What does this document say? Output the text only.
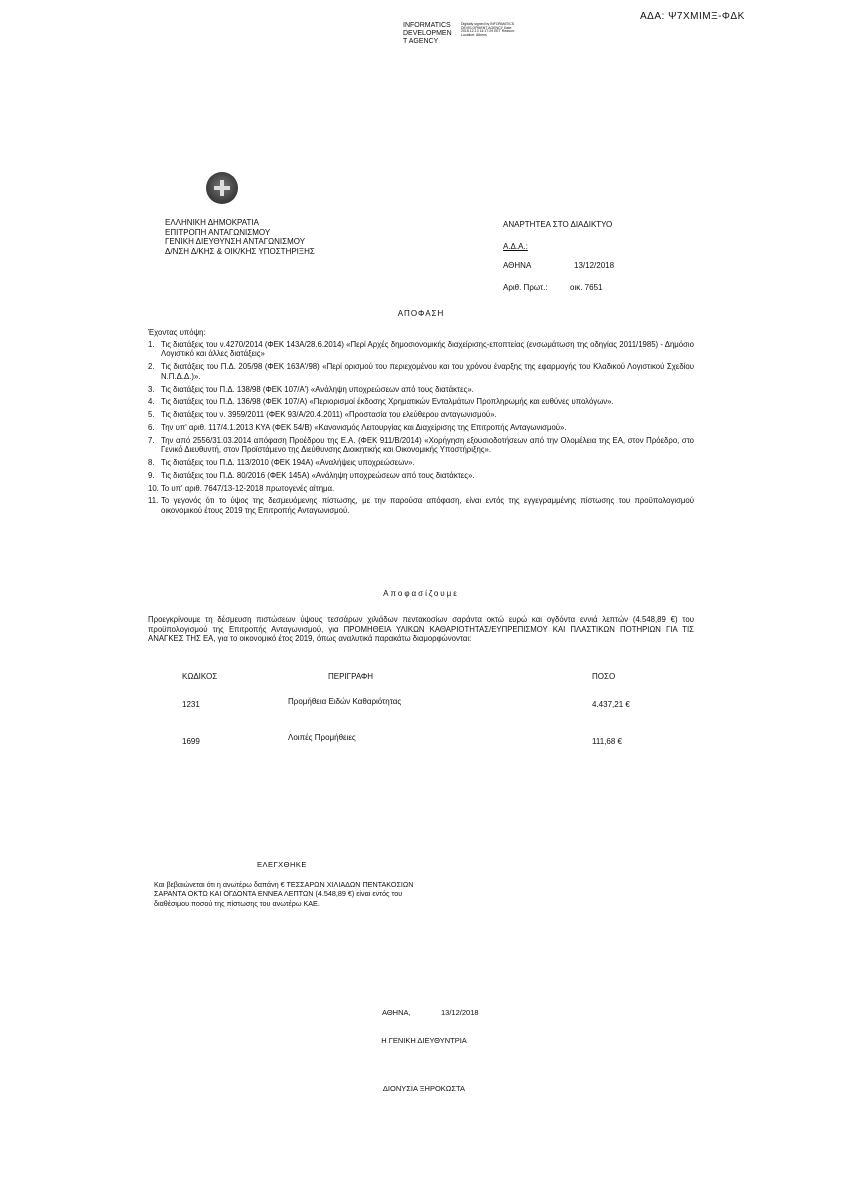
ΑΔΑ: Ψ7ΧΜΙΜΞ-ΦΔΚ
INFORMATICS
DEVELOPMEN
T AGENCY
Digitally signed by INFORMATICS DEVELOPMENT AGENCY Date: 2018.12.13 14:17:29 EET Reason: Location: Athens
ΕΛΛΗΝΙΚΗ ΔΗΜΟΚΡΑΤΙΑ
ΕΠΙΤΡΟΠΗ ΑΝΤΑΓΩΝΙΣΜΟΥ
ΓΕΝΙΚΗ ΔΙΕΥΘΥΝΣΗ ΑΝΤΑΓΩΝΙΣΜΟΥ
Δ/ΝΣΗ Δ/ΚΗΣ & ΟΙΚ/ΚΗΣ ΥΠΟΣΤΗΡΙΞΗΣ
ΑΝΑΡΤΗΤΕΑ ΣΤΟ ΔΙΑΔΙΚΤΥΟ
Α.Δ.Α.:
ΑΘΗΝΑ	13/12/2018
Αριθ. Πρωτ.:	οικ. 7651
ΑΠΟΦΑΣΗ
Έχοντας υπόψη:
1. Τις διατάξεις του ν.4270/2014 (ΦΕΚ 143Α/28.6.2014) «Περί Αρχές δημοσιονομικής διαχείρισης-εποπτείας (ενσωμάτωση της οδηγίας 2011/1985) - Δημόσιο Λογιστικό και άλλες διατάξεις»
2. Τις διατάξεις του Π.Δ. 205/98 (ΦΕΚ 163Α'/98) «Περί ορισμού του περιεχομένου και του χρόνου έναρξης της εφαρμογής του Κλαδικού Λογιστικού Σχεδίου Ν.Π.Δ.Δ.)».
3. Τις διατάξεις του Π.Δ. 138/98 (ΦΕΚ 107/Α') «Ανάληψη υποχρεώσεων από τους διατάκτες».
4. Τις διατάξεις του Π.Δ. 136/98 (ΦΕΚ 107/Α) «Περιορισμοί έκδοσης Χρηματικών Ενταλμάτων Προπληρωμής και ευθύνες υπολόγων».
5. Τις διατάξεις του ν. 3959/2011 (ΦΕΚ 93/Α/20.4.2011) «Προστασία του ελεύθερου ανταγωνισμού».
6. Την υπ' αριθ. 117/4.1.2013 ΚΥΑ (ΦΕΚ 54/Β) «Κανονισμός Λειτουργίας και Διαχείρισης της Επιτροπής Ανταγωνισμού».
7. Την από 2556/31.03.2014 απόφαση Προέδρου της Ε.Α. (ΦΕΚ 911/Β/2014) «Χορήγηση εξουσιοδοτήσεων από την Ολομέλεια της ΕΑ, στον Πρόεδρο, στο Γενικό Διευθυντή, στον Προϊστάμενο της Διεύθυνσης Διοικητικής και Οικονομικής Υποστήριξης».
8. Τις διατάξεις του Π.Δ. 113/2010 (ΦΕΚ 194Α) «Αναλήψεις υποχρεώσεων».
9. Τις διατάξεις του Π.Δ. 80/2016 (ΦΕΚ 145Α) «Ανάληψη υποχρεώσεων από τους διατάκτες».
10. Το υπ' αριθ. 7647/13-12-2018 πρωτογενές αίτημα.
11. Το γεγονός ότι το ύψος της δεσμευόμενης πίστωσης, με την παρούσα απόφαση, είναι εντός της εγγεγραμμένης πίστωσης του προϋπολογισμού οικονομικού έτους 2019 της Επιτροπής Ανταγωνισμού.
Αποφασίζουμε
Προεγκρίνουμε τη δέσμευση πιστώσεων ύψους τεσσάρων χιλιάδων πεντακοσίων σαράντα οκτώ ευρώ και ογδόντα εννιά λεπτών (4.548,89 €) του προϋπολογισμού της Επιτροπής Ανταγωνισμού, για ΠΡΟΜΗΘΕΙΑ ΥΛΙΚΩΝ ΚΑΘΑΡΙΟΤΗΤΑΣ/ΕΥΠΡΕΠΙΣΜΟΥ ΚΑΙ ΠΛΑΣΤΙΚΩΝ ΠΟΤΗΡΙΩΝ ΓΙΑ ΤΙΣ ΑΝΑΓΚΕΣ ΤΗΣ ΕΑ, για το οικονομικό έτος 2019, όπως αναλυτικά παρακάτω διαμορφώνονται:
ΚΩΔΙΚΟΣ	ΠΕΡΙΓΡΑΦΗ	ΠΟΣΟ
1231	Προμήθεια Ειδών Καθαριότητας	4.437,21 €
1699	Λοιπές Προμήθειες	111,68 €
ΕΛΕΓΧΘΗΚΕ
Και βεβαιώνεται ότι η ανωτέρω δαπάνη € ΤΕΣΣΑΡΩΝ ΧΙΛΙΑΔΩΝ ΠΕΝΤΑΚΟΣΙΩΝ ΣΑΡΑΝΤΑ ΟΚΤΩ ΚΑΙ ΟΓΔΟΝΤΑ ΕΝΝΕΑ ΛΕΠΤΩΝ (4.548,89 €) είναι εντός του διαθέσιμου ποσού της πίστωσης του ανωτέρω ΚΑΕ.
ΑΘΗΝΑ,	13/12/2018
Η ΓΕΝΙΚΗ ΔΙΕΥΘΥΝΤΡΙΑ
ΔΙΟΝΥΣΙΑ ΞΗΡΟΚΩΣΤΑ
